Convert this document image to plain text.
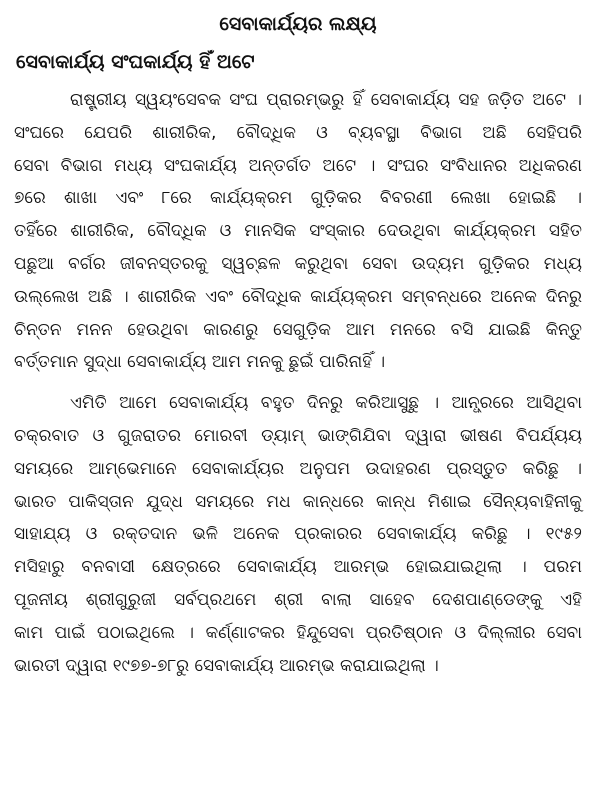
ସେବାକାର୍ଯ୍ୟର ଲକ୍ଷ୍ୟ
ସେବାକାର୍ଯ୍ୟ ସଂଘକାର୍ଯ୍ୟ ହିଁ ଅଟେ
ରାଷ୍ଟ୍ରୀୟ ସ୍ୱୟଂସେବକ ସଂଘ ପ୍ରାରମ୍ଭରୁ ହିଁ ସେବାକାର୍ଯ୍ୟ ସହ ଜଡ଼ିତ ଅଟେ ।
ସଂଘରେ ଯେପରି ଶାରୀରିକ, ବୌଦ୍ଧିକ ଓ ବ୍ୟବସ୍ଥା ବିଭାଗ ଅଛି ସେହିପରି
ସେବା ବିଭାଗ ମଧ୍ୟ ସଂଘକାର୍ଯ୍ୟ ଅନ୍ତର୍ଗତ ଅଟେ । ସଂଘର ସଂବିଧାନର ଅଧିକରଣ
୭ରେ ଶାଖା ଏବଂ ୮ରେ କାର୍ଯ୍ୟକ୍ରମ ଗୁଡ଼ିକର ବିବରଣୀ ଲେଖା ହୋଇଛି ।
ତହିଁରେ ଶାରୀରିକ, ବୌଦ୍ଧିକ ଓ ମାନସିକ ସଂସ୍କାର ଦେଉଥିବା କାର୍ଯ୍ୟକ୍ରମ ସହିତ
ପଛୁଆ ବର୍ଗର ଜୀବନସ୍ତରକୁ ସ୍ୱଚ୍ଛଳ କରୁଥିବା ସେବା ଉଦ୍ୟମ ଗୁଡ଼ିକର ମଧ୍ୟ
ଉଲ୍ଲେଖ ଅଛି । ଶାରୀରିକ ଏବଂ ବୌଦ୍ଧିକ କାର୍ଯ୍ୟକ୍ରମ ସମ୍ବନ୍ଧରେ ଅନେକ ଦିନରୁ
ଚିନ୍ତନ ମନନ ହେଉଥିବା କାରଣରୁ ସେଗୁଡ଼ିକ ଆମ ମନରେ ବସି ଯାଇଛି କିନ୍ତୁ
ବର୍ତ୍ତମାନ ସୁଦ୍ଧା ସେବାକାର୍ଯ୍ୟ ଆମ ମନକୁ ଛୁଇଁ ପାରିନାହିଁ ।
ଏମିତି ଆମେ ସେବାକାର୍ଯ୍ୟ ବହୁତ ଦିନରୁ କରିଆସୁଛୁ । ଆନ୍ଧ୍ରରେ ଆସିଥିବା
ଚକ୍ରବାତ ଓ ଗୁଜରାତର ମୋରବୀ ଡ୍ୟାମ୍ ଭାଙ୍ଗିଯିବା ଦ୍ୱାରା ଭୀଷଣ ବିପର୍ଯ୍ୟୟ
ସମୟରେ ଆମ୍ଭେମାନେ ସେବାକାର୍ଯ୍ୟର ଅନୁପମ ଉଦାହରଣ ପ୍ରସ୍ତୁତ କରିଛୁ ।
ଭାରତ ପାକିସ୍ତାନ ଯୁଦ୍ଧ ସମୟରେ ମଧ କାନ୍ଧରେ କାନ୍ଧ ମିଶାଇ ସୈନ୍ୟବାହିନୀକୁ
ସାହାଯ୍ୟ ଓ ରକ୍ତଦାନ ଭଳି ଅନେକ ପ୍ରକାରର ସେବାକାର୍ଯ୍ୟ କରିଛୁ । ୧୯୫୨
ମସିହାରୁ ବନବାସୀ କ୍ଷେତ୍ରରେ ସେବାକାର୍ଯ୍ୟ ଆରମ୍ଭ ହୋଇଯାଇଥିଲା । ପରମ
ପୂଜନୀୟ ଶ୍ରୀଗୁରୁଜୀ ସର୍ବପ୍ରଥମେ ଶ୍ରୀ ବାଲା ସାହେବ ଦେଶପାଣ୍ଡେଙ୍କୁ ଏହି
କାମ ପାଇଁ ପଠାଇଥିଲେ । କର୍ଣ୍ଣାଟକର ହିନ୍ଦୁସେବା ପ୍ରତିଷ୍ଠାନ ଓ ଦିଲ୍ଲୀର ସେବା
ଭାରତୀ ଦ୍ୱାରା ୧୯୭୭-୭୮ରୁ ସେବାକାର୍ଯ୍ୟ ଆରମ୍ଭ କରାଯାଇଥିଲା ।
